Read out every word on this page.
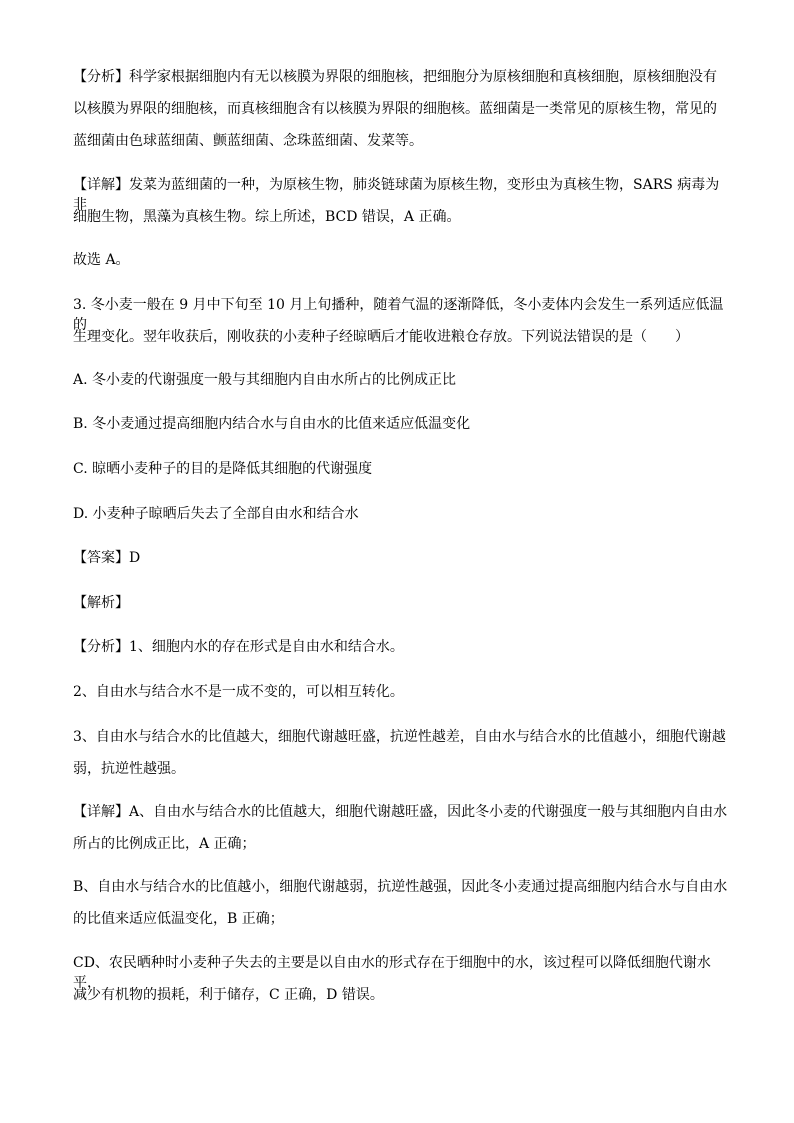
【分析】科学家根据细胞内有无以核膜为界限的细胞核，把细胞分为原核细胞和真核细胞，原核细胞没有
以核膜为界限的细胞核，而真核细胞含有以核膜为界限的细胞核。蓝细菌是一类常见的原核生物，常见的
蓝细菌由色球蓝细菌、颤蓝细菌、念珠蓝细菌、发菜等。
【详解】发菜为蓝细菌的一种，为原核生物，肺炎链球菌为原核生物，变形虫为真核生物，SARS 病毒为非
细胞生物，黑藻为真核生物。综上所述，BCD 错误，A 正确。
故选 A。
3. 冬小麦一般在 9 月中下旬至 10 月上旬播种，随着气温的逐渐降低，冬小麦体内会发生一系列适应低温的
生理变化。翌年收获后，刚收获的小麦种子经晾晒后才能收进粮仓存放。下列说法错误的是（　　）
A. 冬小麦的代谢强度一般与其细胞内自由水所占的比例成正比
B. 冬小麦通过提高细胞内结合水与自由水的比值来适应低温变化
C. 晾晒小麦种子的目的是降低其细胞的代谢强度
D. 小麦种子晾晒后失去了全部自由水和结合水
【答案】D
【解析】
【分析】1、细胞内水的存在形式是自由水和结合水。
2、自由水与结合水不是一成不变的，可以相互转化。
3、自由水与结合水的比值越大，细胞代谢越旺盛，抗逆性越差，自由水与结合水的比值越小，细胞代谢越
弱，抗逆性越强。
【详解】A、自由水与结合水的比值越大，细胞代谢越旺盛，因此冬小麦的代谢强度一般与其细胞内自由水
所占的比例成正比，A 正确；
B、自由水与结合水的比值越小，细胞代谢越弱，抗逆性越强，因此冬小麦通过提高细胞内结合水与自由水
的比值来适应低温变化，B 正确；
CD、农民晒种时小麦种子失去的主要是以自由水的形式存在于细胞中的水，该过程可以降低细胞代谢水平，
减少有机物的损耗，利于储存，C 正确，D 错误。
